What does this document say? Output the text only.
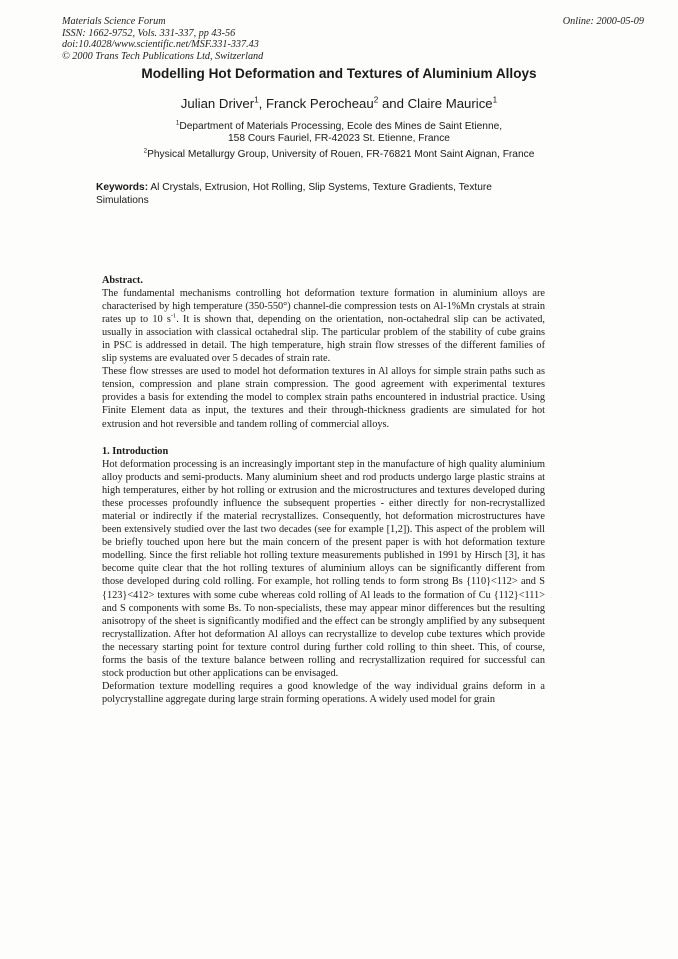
Materials Science Forum
ISSN: 1662-9752, Vols. 331-337, pp 43-56
doi:10.4028/www.scientific.net/MSF.331-337.43
© 2000 Trans Tech Publications Ltd, Switzerland
Online: 2000-05-09
Modelling Hot Deformation and Textures of Aluminium Alloys
Julian Driver$^1$, Franck Perocheau$^2$ and Claire Maurice$^1$
$^1$Department of Materials Processing, Ecole des Mines de Saint Etienne,
158 Cours Fauriel, FR-42023 St. Etienne, France
$^2$Physical Metallurgy Group, University of Rouen, FR-76821 Mont Saint Aignan, France
Keywords: Al Crystals, Extrusion, Hot Rolling, Slip Systems, Texture Gradients, Texture Simulations
Abstract.

The fundamental mechanisms controlling hot deformation texture formation in aluminium alloys are characterised by high temperature (350-550°) channel-die compression tests on Al-1%Mn crystals at strain rates up to 10 $s^{-1}$. It is shown that, depending on the orientation, non-octahedral slip can be activated, usually in association with classical octahedral slip. The particular problem of the stability of cube grains in PSC is addressed in detail. The high temperature, high strain flow stresses of the different families of slip systems are evaluated over 5 decades of strain rate.

These flow stresses are used to model hot deformation textures in Al alloys for simple strain paths such as tension, compression and plane strain compression. The good agreement with experimental textures provides a basis for extending the model to complex strain paths encountered in industrial practice. Using Finite Element data as input, the textures and their through-thickness gradients are simulated for hot extrusion and hot reversible and tandem rolling of commercial alloys.

1. Introduction

Hot deformation processing is an increasingly important step in the manufacture of high quality aluminium alloy products and semi-products. Many aluminium sheet and rod products undergo large plastic strains at high temperatures, either by hot rolling or extrusion and the microstructures and textures developed during these processes profoundly influence the subsequent properties - either directly for non-recrystallized material or indirectly if the material recrystallizes. Consequently, hot deformation microstructures have been extensively studied over the last two decades (see for example [1,2]). This aspect of the problem will be briefly touched upon here but the main concern of the present paper is with hot deformation texture modelling. Since the first reliable hot rolling texture measurements published in 1991 by Hirsch [3], it has become quite clear that the hot rolling textures of aluminium alloys can be significantly different from those developed during cold rolling. For example, hot rolling tends to form strong Bs {110}<112> and S {123}<412> textures with some cube whereas cold rolling of Al leads to the formation of Cu {112}<111> and S components with some Bs. To non-specialists, these may appear minor differences but the resulting anisotropy of the sheet is significantly modified and the effect can be strongly amplified by any subsequent recrystallization. After hot deformation Al alloys can recrystallize to develop cube textures which provide the necessary starting point for texture control during further cold rolling to thin sheet. This, of course, forms the basis of the texture balance between rolling and recrystallization required for successful can stock production but other applications can be envisaged.

Deformation texture modelling requires a good knowledge of the way individual grains deform in a polycrystalline aggregate during large strain forming operations. A widely used model for grain
